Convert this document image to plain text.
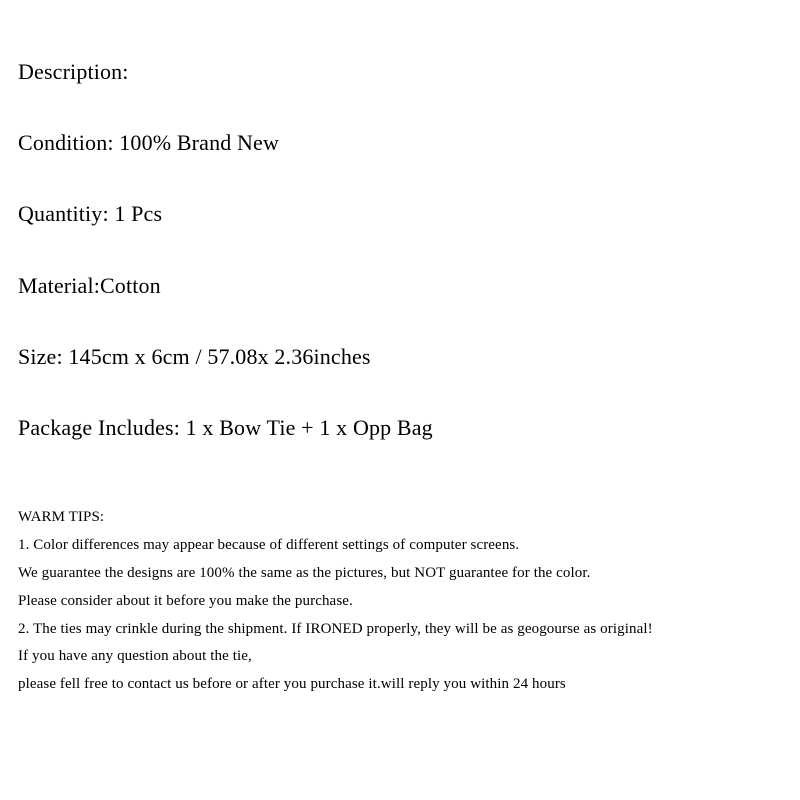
Description:
Condition: 100% Brand New
Quantitiy: 1 Pcs
Material:Cotton
Size: 145cm x 6cm / 57.08x 2.36inches
Package Includes: 1 x Bow Tie + 1 x Opp Bag
WARM TIPS:
1. Color differences may appear because of different settings of computer screens.
We guarantee the designs are 100% the same as the pictures, but NOT guarantee for the color.
Please consider about it before you make the purchase.
2. The ties may crinkle during the shipment. If IRONED properly, they will be as geogourse as original!
If you have any question about the tie,
please fell free to contact us before or after you purchase it.will reply you within 24 hours
